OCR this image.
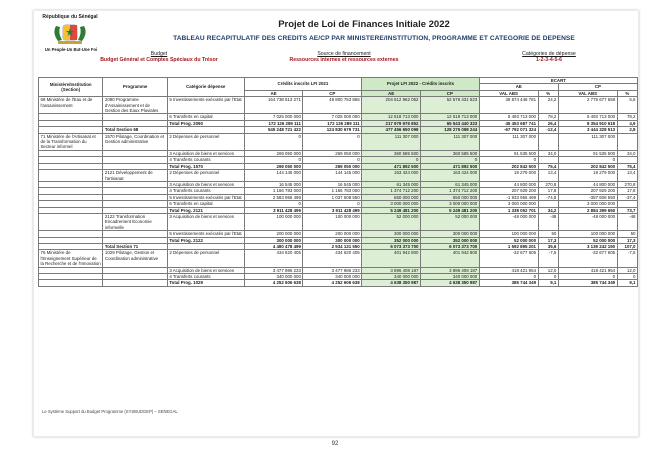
République du Sénégal
Un Peuple-Un But-Une Foi
Projet de Loi de Finances Initiale 2022
TABLEAU RECAPITULATIF DES CREDITS AE/CP PAR MINISTERE/INSTITUTION, PROGRAMME ET CATEGORIE DE DEPENSE
Budget
Budget Général et Comptes Spéciaux du Trésor
Source de financement
Ressources internes et ressources externes
Catégories de dépense
1-2-3-4-5-6
Ministère/Institution (Section)	Programme	Catégorie dépense	Crédits inscrits LFI 2021		Projet LFI 2022 - Crédits inscrits		ECART			
							AE		CP	
			AE	CP	AE	CP	VAL ABS	%	VAL ABS	%
68 Ministère de l'Eau et de l'assainissement	2090 Programme d'Assainissement et de Gestion des Eaux Pluviales	5 Investissements exécutés par l'Etat	164 738 513 271	49 800 753 865	204 612 962 052	52 576 431 523	39 874 448 781	24,2	2 775 677 658	5,6
		6 Transferts en capital	7 025 000 000	7 025 000 000	12 518 713 000	12 518 713 000	5 493 713 000	78,2	5 493 713 000	78,2
		Total Prog. 2090	172 126 289 111	172 126 289 111	217 979 976 852	65 543 440 323	45 453 687 741	26,4	8 354 910 618	4,9
	Total Section 68		545 248 721 422	124 830 679 731	477 456 650 098	128 275 098 244	-67 792 071 324	-12,4	3 444 328 513	2,8
71 Ministère de l'Artisanat et de la Transformation du Secteur informel	1570 Pilotage, Coordination et Gestion administrative	2 Dépenses de personnel	0	0	111 307 000	111 307 000	111 307 000		111 307 000	
		3 Acquisition de biens et services	269 050 000	269 050 000	360 585 500	360 585 500	91 535 500	34,0	91 535 500	34,0
		4 Transferts courants	0	0	0	0	0		0	
		Total Prog. 1570	269 050 000	269 050 000	471 892 500	471 892 500	202 842 500	75,4	202 842 500	75,4
	2121 Développement de l'artisanat	2 Dépenses de personnel	144 145 000	144 145 000	163 424 000	163 424 000	19 279 000	13,4	19 279 000	13,4
		3 Acquisition de biens et services	16 545 000	16 545 000	61 345 000	61 345 000	44 800 000	270,8	44 800 000	270,8
		4 Transferts courants	1 166 783 000	1 166 783 000	1 374 712 200	1 374 712 200	207 929 200	17,8	207 929 200	17,8
		5 Investissements exécutés par l'Etat	2 583 955 499	1 037 608 550	650 000 000	650 000 000	-1 933 955 499	-74,8	-387 608 550	-37,4
		6 Transferts en capital	0	0	3 000 000 000	3 000 000 000	3 000 000 000		3 000 000 000	
		Total Prog. 2121	3 911 428 499	3 911 428 499	5 249 481 200	5 249 481 200	1 338 052 701	34,2	2 884 399 650	73,7
	2122 Transformation Encadrement Economie informelle	3 Acquisition de biens et services	100 000 000	100 000 000	52 000 000	52 000 000	-48 000 000	-48	-48 000 000	-48
		5 Investissements exécutés par l'Etat	200 000 000	200 000 000	300 000 000	300 000 000	100 000 000	50	100 000 000	50
		Total Prog. 2122	300 000 000	300 000 000	352 000 000	352 000 000	52 000 000	17,3	52 000 000	17,3
	Total Section 71		4 480 478 499	2 934 131 550	6 073 373 700	6 073 373 700	1 592 895 201	35,6	3 139 242 150	107,0
76 Ministère de l'Enseignement Supérieur de la Recherche et de l'Innovation	1029 Pilotage, Gestion et Coordination administrative	2 Dépenses de personnel	434 620 405	434 620 405	401 942 800	401 942 800	-32 677 605	-7,5	-32 677 605	-7,5
		3 Acquisition de biens et services	3 477 986 233	3 477 986 233	3 896 408 187	3 896 408 187	418 421 954	12,0	418 421 954	12,0
		4 Transferts courants	340 000 000	340 000 000	340 000 000	340 000 000	0	0	0	0
		Total Prog. 1029	4 252 606 638	4 252 606 638	4 638 350 987	4 638 350 987	385 744 349	9,1	385 744 349	9,1
Le Système Support du Budget Programme (SYSBUDGEP) – SENEGAL
92
